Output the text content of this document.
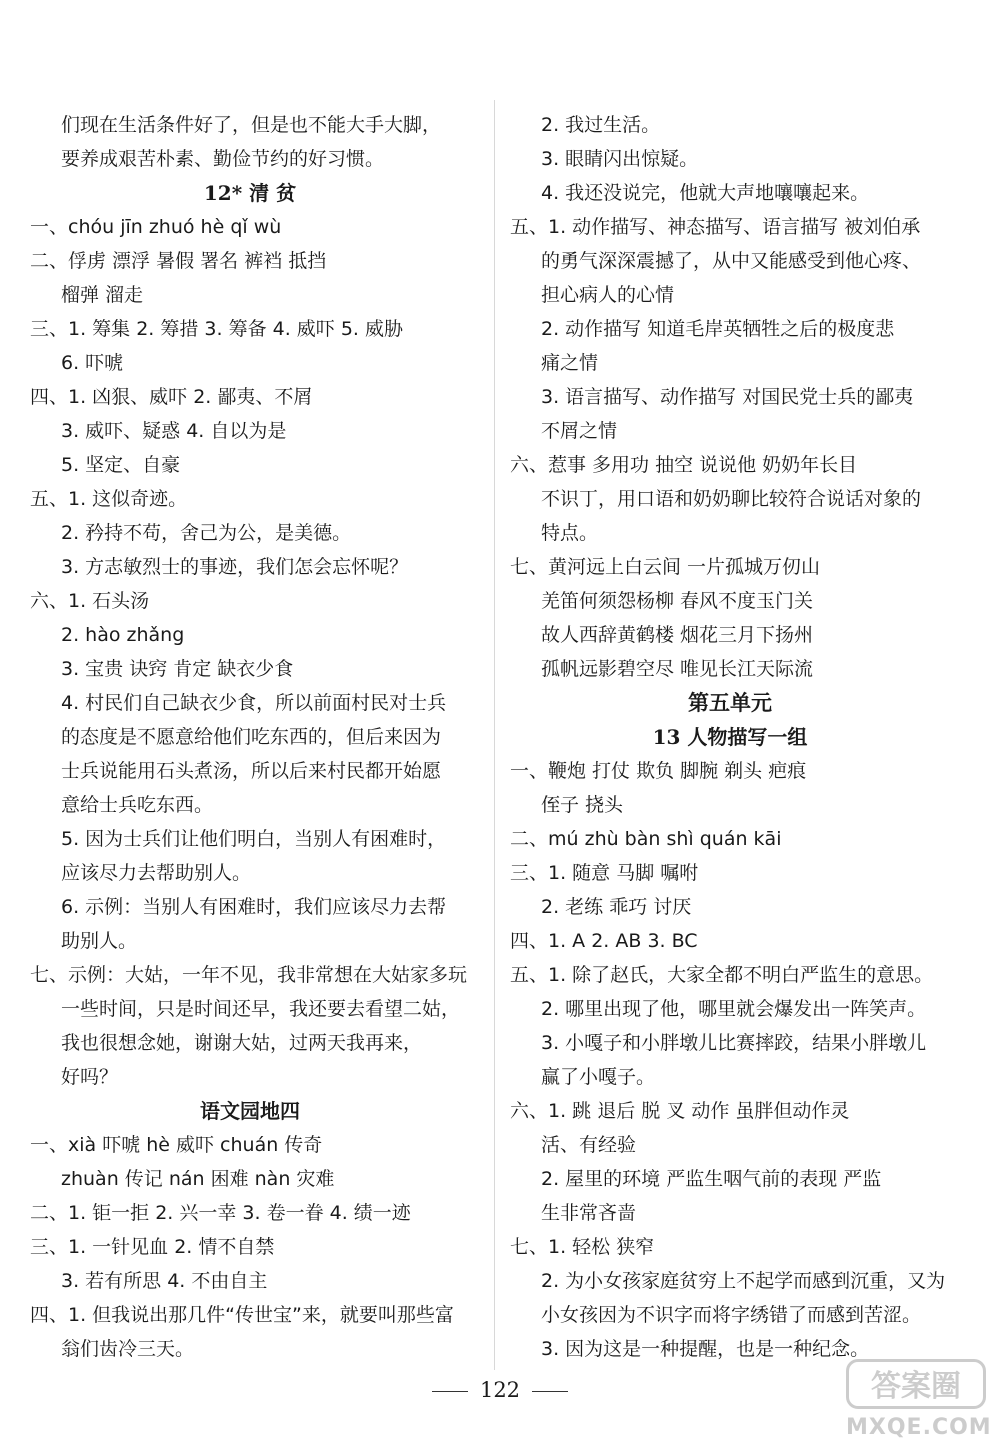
们现在生活条件好了，但是也不能大手大脚，
要养成艰苦朴素、勤俭节约的好习惯。
12* 清 贫
一、chóu jīn zhuó hè qǐ wù
二、俘虏 漂浮 暑假 署名 裤裆 抵挡
榴弹 溜走
三、1. 筹集 2. 筹措 3. 筹备 4. 威吓 5. 威胁
6. 吓唬
四、1. 凶狠、威吓 2. 鄙夷、不屑
3. 威吓、疑惑 4. 自以为是
5. 坚定、自豪
五、1. 这似奇迹。
2. 矜持不苟，舍己为公，是美德。
3. 方志敏烈士的事迹，我们怎会忘怀呢？
六、1. 石头汤
2. hào zhǎng
3. 宝贵 诀窍 肯定 缺衣少食
4. 村民们自己缺衣少食，所以前面村民对士兵
的态度是不愿意给他们吃东西的，但后来因为
士兵说能用石头煮汤，所以后来村民都开始愿
意给士兵吃东西。
5. 因为士兵们让他们明白，当别人有困难时，
应该尽力去帮助别人。
6. 示例：当别人有困难时，我们应该尽力去帮
助别人。
七、示例：大姑，一年不见，我非常想在大姑家多玩
一些时间，只是时间还早，我还要去看望二姑，
我也很想念她，谢谢大姑，过两天我再来，
好吗？
语文园地四
一、xià 吓唬 hè 威吓 chuán 传奇
zhuàn 传记 nán 困难 nàn 灾难
二、1. 钜一拒 2. 兴一幸 3. 卷一眷 4. 绩一迹
三、1. 一针见血 2. 情不自禁
3. 若有所思 4. 不由自主
四、1. 但我说出那几件“传世宝”来，就要叫那些富
翁们齿冷三天。
2. 我过生活。
3. 眼睛闪出惊疑。
4. 我还没说完，他就大声地嚷嚷起来。
五、1. 动作描写、神态描写、语言描写 被刘伯承
的勇气深深震撼了，从中又能感受到他心疼、
担心病人的心情
2. 动作描写 知道毛岸英牺牲之后的极度悲
痛之情
3. 语言描写、动作描写 对国民党士兵的鄙夷
不屑之情
六、惹事 多用功 抽空 说说他 奶奶年长目
不识丁，用口语和奶奶聊比较符合说话对象的
特点。
七、黄河远上白云间 一片孤城万仞山
羌笛何须怨杨柳 春风不度玉门关
故人西辞黄鹤楼 烟花三月下扬州
孤帆远影碧空尽 唯见长江天际流
第五单元
13 人物描写一组
一、鞭炮 打仗 欺负 脚腕 剃头 疤痕
侄子 挠头
二、mú zhù bàn shì quán kāi
三、1. 随意 马脚 嘱咐
2. 老练 乖巧 讨厌
四、1. A 2. AB 3. BC
五、1. 除了赵氏，大家全都不明白严监生的意思。
2. 哪里出现了他，哪里就会爆发出一阵笑声。
3. 小嘎子和小胖墩儿比赛摔跤，结果小胖墩儿
赢了小嘎子。
六、1. 跳 退后 脱 叉 动作 虽胖但动作灵
活、有经验
2. 屋里的环境 严监生咽气前的表现 严监
生非常吝啬
七、1. 轻松 狭窄
2. 为小女孩家庭贫穷上不起学而感到沉重，又为
小女孩因为不识字而将字绣错了而感到苦涩。
3. 因为这是一种提醒，也是一种纪念。
122	答案圈
MXQE.COM
